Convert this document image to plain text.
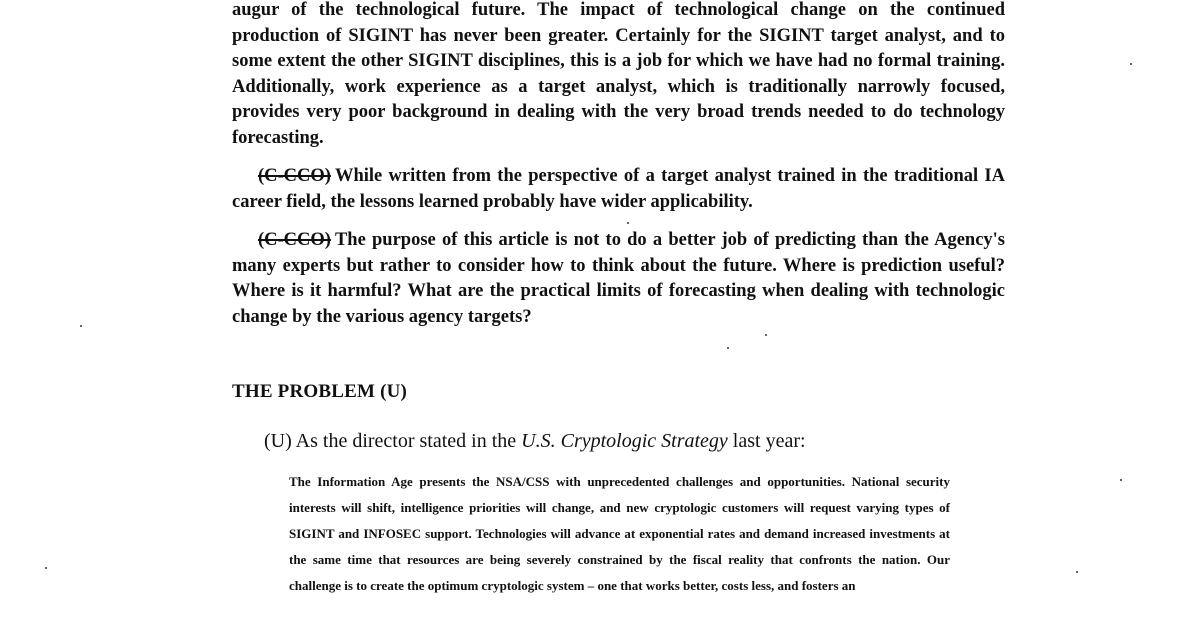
augur of the technological future. The impact of technological change on the continued production of SIGINT has never been greater. Certainly for the SIGINT target analyst, and to some extent the other SIGINT disciplines, this is a job for which we have had no formal training. Additionally, work experience as a target analyst, which is traditionally narrowly focused, provides very poor background in dealing with the very broad trends needed to do technology forecasting.

(C-CCO) While written from the perspective of a target analyst trained in the traditional IA career field, the lessons learned probably have wider applicability.

(C-CCO) The purpose of this article is not to do a better job of predicting than the Agency's many experts but rather to consider how to think about the future. Where is prediction useful? Where is it harmful? What are the practical limits of forecasting when dealing with technologic change by the various agency targets?

THE PROBLEM (U)

(U) As the director stated in the U.S. Cryptologic Strategy last year:

The Information Age presents the NSA/CSS with unprecedented challenges and opportunities. National security interests will shift, intelligence priorities will change, and new cryptologic customers will request varying types of SIGINT and INFOSEC support. Technologies will advance at exponential rates and demand increased investments at the same time that resources are being severely constrained by the fiscal reality that confronts the nation. Our challenge is to create the optimum cryptologic system – one that works better, costs less, and fosters an
